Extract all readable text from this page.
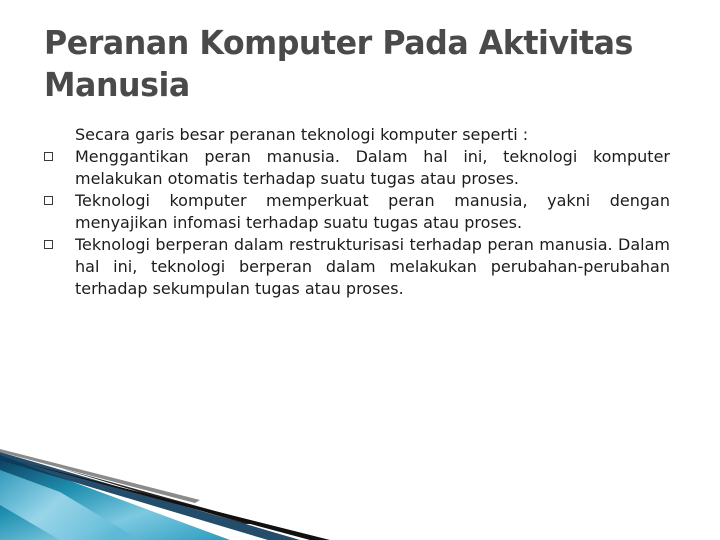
Peranan Komputer Pada Aktivitas Manusia

Secara garis besar peranan teknologi komputer seperti :

Menggantikan peran manusia. Dalam hal ini, teknologi komputer melakukan otomatis terhadap suatu tugas atau proses.
Teknologi komputer memperkuat peran manusia, yakni dengan menyajikan infomasi terhadap suatu tugas atau proses.
Teknologi berperan dalam restrukturisasi terhadap peran manusia. Dalam hal ini, teknologi berperan dalam melakukan perubahan-perubahan terhadap sekumpulan tugas atau proses.
